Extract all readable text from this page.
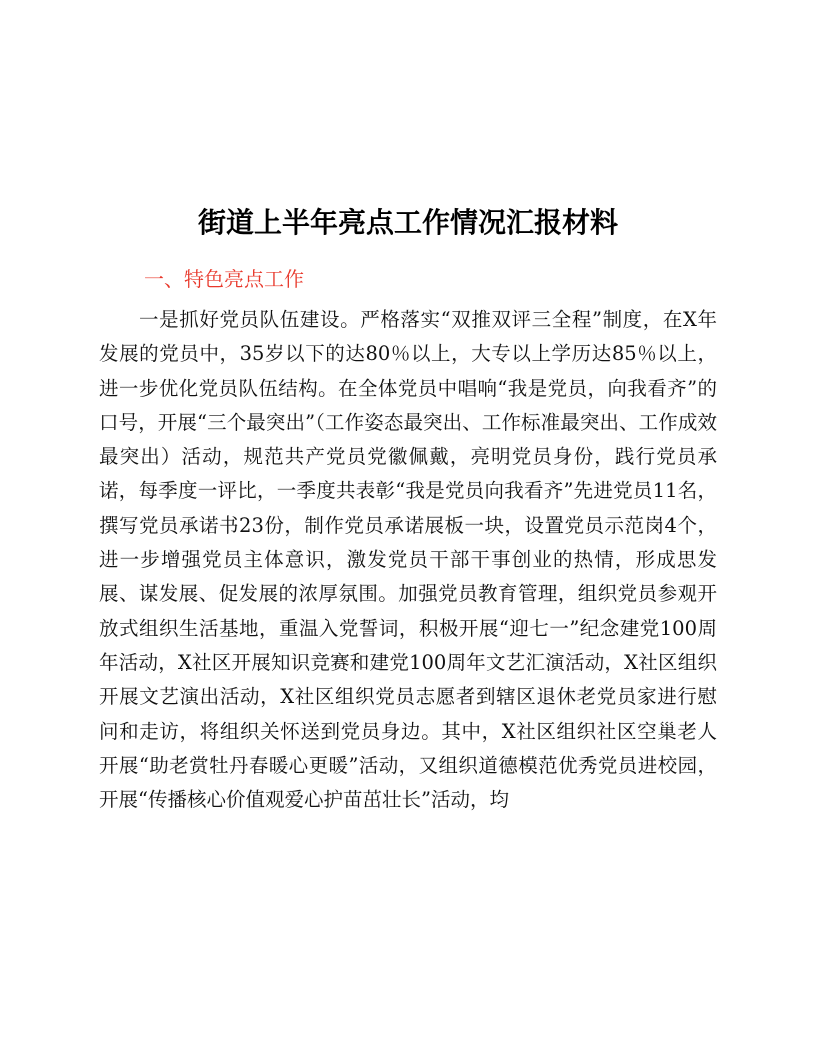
街道上半年亮点工作情况汇报材料
一、特色亮点工作

一是抓好党员队伍建设。严格落实“双推双评三全程”制度，在X年发展的党员中，35岁以下的达80％以上，大专以上学历达85％以上，进一步优化党员队伍结构。在全体党员中唱响“我是党员，向我看齐”的口号，开展“三个最突出”（工作姿态最突出、工作标准最突出、工作成效最突出）活动，规范共产党员党徽佩戴，亮明党员身份，践行党员承诺，每季度一评比，一季度共表彰“我是党员向我看齐”先进党员11名，撰写党员承诺书23份，制作党员承诺展板一块，设置党员示范岗4个，进一步增强党员主体意识，激发党员干部干事创业的热情，形成思发展、谋发展、促发展的浓厚氛围。加强党员教育管理，组织党员参观开放式组织生活基地，重温入党誓词，积极开展“迎七一”纪念建党100周年活动，X社区开展知识竞赛和建党100周年文艺汇演活动，X社区组织开展文艺演出活动，X社区组织党员志愿者到辖区退休老党员家进行慰问和走访，将组织关怀送到党员身边。其中，X社区组织社区空巢老人开展“助老赏牡丹春暖心更暖”活动，又组织道德模范优秀党员进校园，开展“传播核心价值观爱心护苗茁壮长”活动，均
